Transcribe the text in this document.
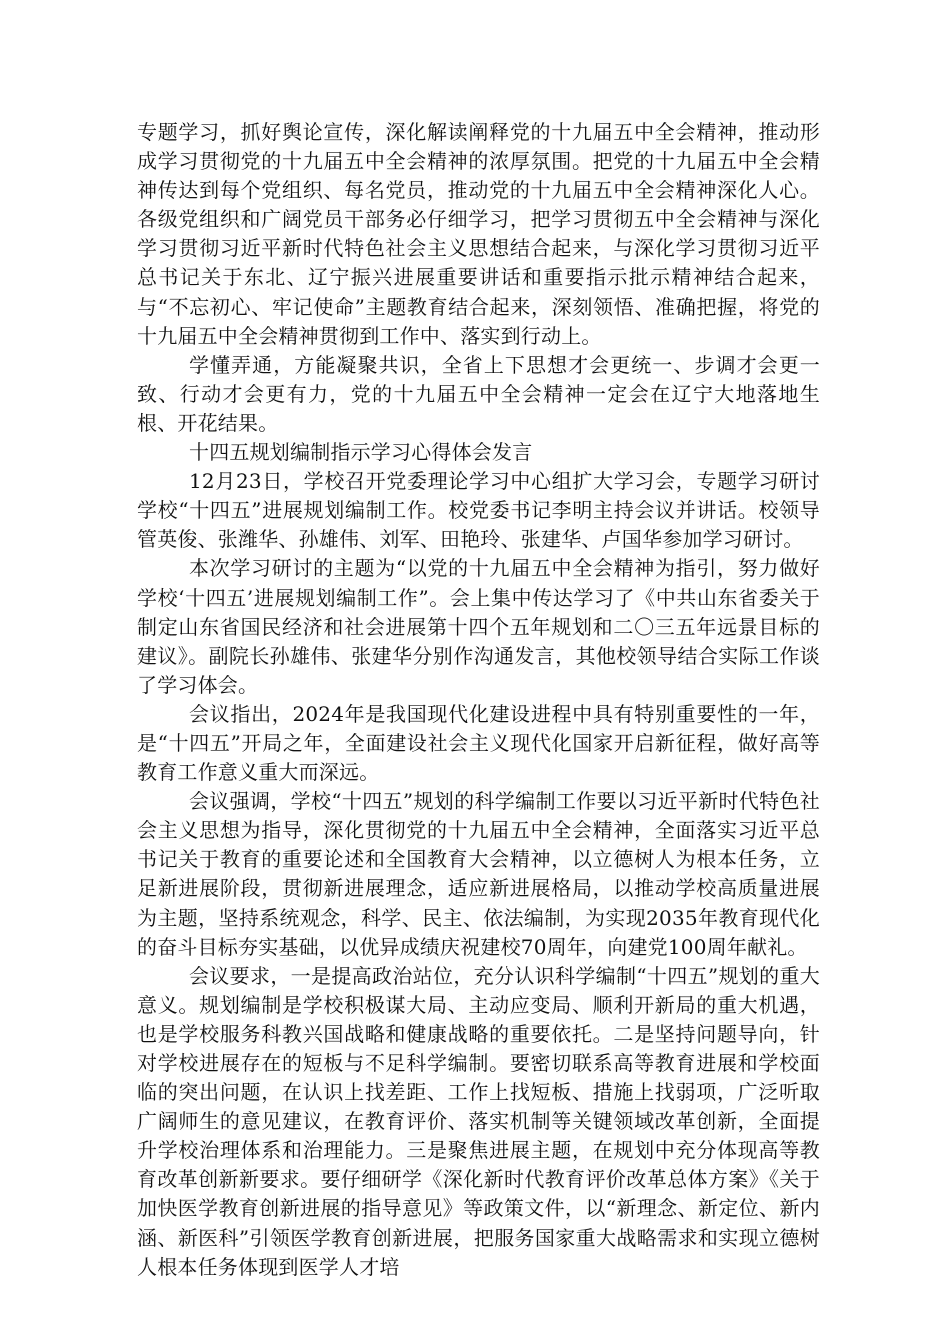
专题学习，抓好舆论宣传，深化解读阐释党的十九届五中全会精神，推动形成学习贯彻党的十九届五中全会精神的浓厚氛围。把党的十九届五中全会精神传达到每个党组织、每名党员，推动党的十九届五中全会精神深化人心。各级党组织和广阔党员干部务必仔细学习，把学习贯彻五中全会精神与深化学习贯彻习近平新时代特色社会主义思想结合起来，与深化学习贯彻习近平总书记关于东北、辽宁振兴进展重要讲话和重要指示批示精神结合起来，与“不忘初心、牢记使命”主题教育结合起来，深刻领悟、准确把握，将党的十九届五中全会精神贯彻到工作中、落实到行动上。

学懂弄通，方能凝聚共识，全省上下思想才会更统一、步调才会更一致、行动才会更有力，党的十九届五中全会精神一定会在辽宁大地落地生根、开花结果。

十四五规划编制指示学习心得体会发言

12月23日，学校召开党委理论学习中心组扩大学习会，专题学习研讨学校“十四五”进展规划编制工作。校党委书记李明主持会议并讲话。校领导管英俊、张潍华、孙雄伟、刘军、田艳玲、张建华、卢国华参加学习研讨。

本次学习研讨的主题为“以党的十九届五中全会精神为指引，努力做好学校‘十四五’进展规划编制工作”。会上集中传达学习了《中共山东省委关于制定山东省国民经济和社会进展第十四个五年规划和二〇三五年远景目标的建议》。副院长孙雄伟、张建华分别作沟通发言，其他校领导结合实际工作谈了学习体会。

会议指出，2024年是我国现代化建设进程中具有特别重要性的一年，是“十四五”开局之年，全面建设社会主义现代化国家开启新征程，做好高等教育工作意义重大而深远。

会议强调，学校“十四五”规划的科学编制工作要以习近平新时代特色社会主义思想为指导，深化贯彻党的十九届五中全会精神，全面落实习近平总书记关于教育的重要论述和全国教育大会精神，以立德树人为根本任务，立足新进展阶段，贯彻新进展理念，适应新进展格局，以推动学校高质量进展为主题，坚持系统观念，科学、民主、依法编制，为实现2035年教育现代化的奋斗目标夯实基础，以优异成绩庆祝建校70周年，向建党100周年献礼。

会议要求，一是提高政治站位，充分认识科学编制“十四五”规划的重大意义。规划编制是学校积极谋大局、主动应变局、顺利开新局的重大机遇，也是学校服务科教兴国战略和健康战略的重要依托。二是坚持问题导向，针对学校进展存在的短板与不足科学编制。要密切联系高等教育进展和学校面临的突出问题，在认识上找差距、工作上找短板、措施上找弱项，广泛听取广阔师生的意见建议，在教育评价、落实机制等关键领域改革创新，全面提升学校治理体系和治理能力。三是聚焦进展主题，在规划中充分体现高等教育改革创新新要求。要仔细研学《深化新时代教育评价改革总体方案》《关于加快医学教育创新进展的指导意见》等政策文件，以“新理念、新定位、新内涵、新医科”引领医学教育创新进展，把服务国家重大战略需求和实现立德树人根本任务体现到医学人才培
